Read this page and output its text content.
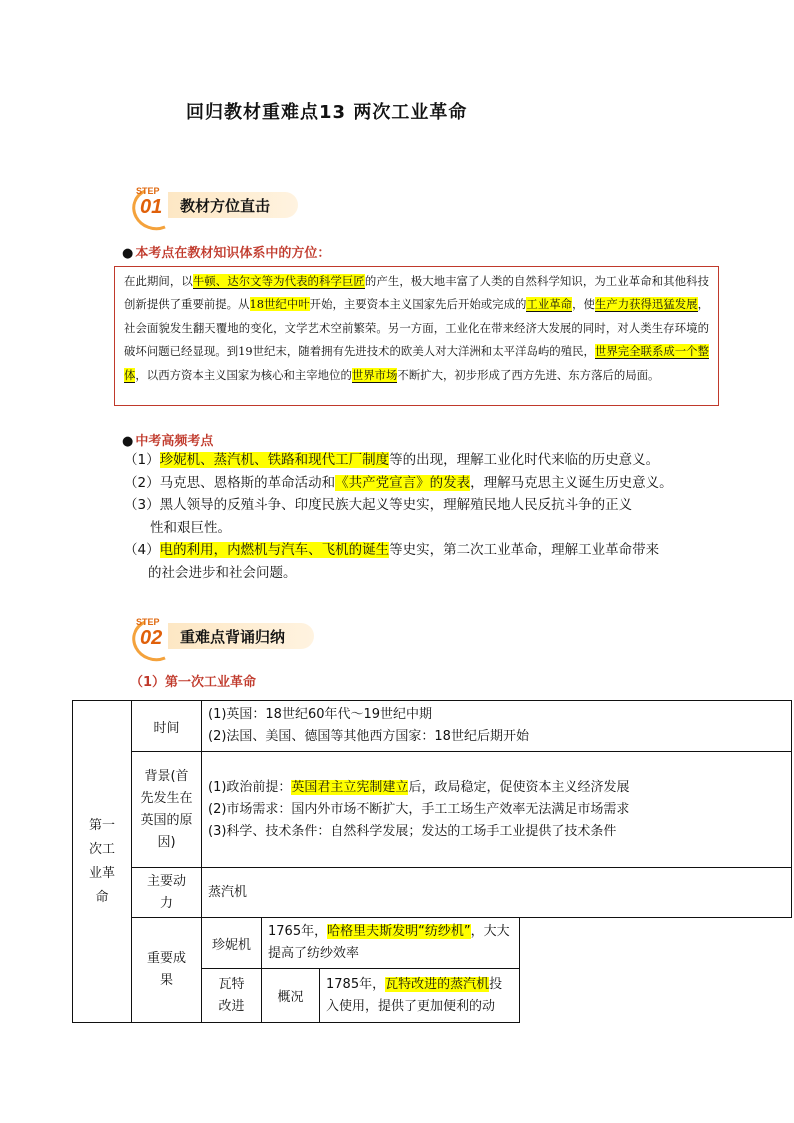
回归教材重难点13 两次工业革命
教材方位直击
STEP
01
● 本考点在教材知识体系中的方位：
在此期间，以牛顿、达尔文等为代表的科学巨匠的产生，极大地丰富了人类的自然科学知识，为工业革命和其他科技创新提供了重要前提。从18世纪中叶开始，主要资本主义国家先后开始或完成的工业革命，使生产力获得迅猛发展，社会面貌发生翻天覆地的变化，文学艺术空前繁荣。另一方面，工业化在带来经济大发展的同时，对人类生存环境的破坏问题已经显现。到19世纪末，随着拥有先进技术的欧美人对大洋洲和太平洋岛屿的殖民，世界完全联系成一个整体，以西方资本主义国家为核心和主宰地位的世界市场不断扩大，初步形成了西方先进、东方落后的局面。
● 中考高频考点
（1）珍妮机、蒸汽机、铁路和现代工厂制度等的出现，理解工业化时代来临的历史意义。
（2）马克思、恩格斯的革命活动和《共产党宣言》的发表，理解马克思主义诞生历史意义。
（3）黑人领导的反殖斗争、印度民族大起义等史实，理解殖民地人民反抗斗争的正义
性和艰巨性。
（4）电的利用，内燃机与汽车、飞机的诞生等史实，第二次工业革命，理解工业革命带来
的社会进步和社会问题。
重难点背诵归纳
STEP
02
（1）第一次工业革命
第一次工业革命	时间	(1)英国：18世纪60年代～19世纪中期
(2)法国、美国、德国等其他西方国家：18世纪后期开始			

	背景(首先发生在英国的原因)	(1)政治前提：英国君主立宪制建立后，政局稳定，促使资本主义经济发展
(2)市场需求：国内外市场不断扩大，手工工场生产效率无法满足市场需求
(3)科学、技术条件：自然科学发展；发达的工场手工业提供了技术条件			

	主要动力	蒸汽机			
	重要成果	珍妮机	1765年，哈格里夫斯发明“纺纱机”，大大提高了纺纱效率		
		瓦特改进	概况	1785年，瓦特改进的蒸汽机投入使用，提供了更加便利的动	
